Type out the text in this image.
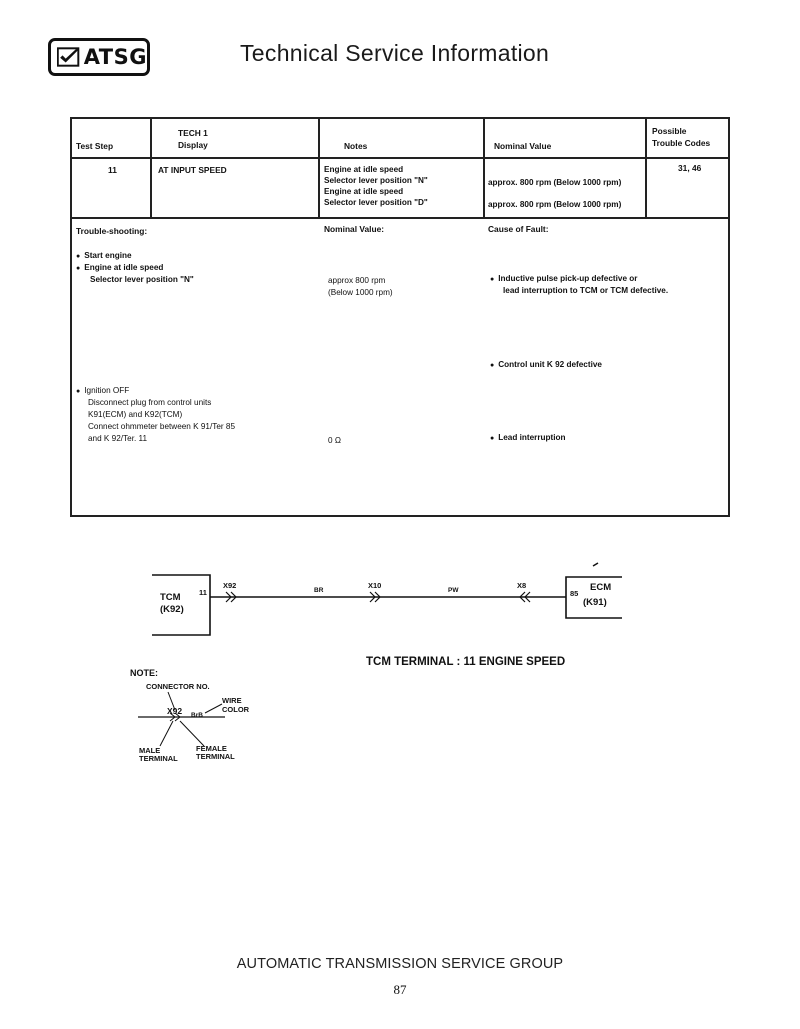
ATSG	Technical Service Information
Test Step
TECH 1
Display	Notes	Nominal Value
Possible
Trouble Codes
11	AT INPUT SPEED	Engine at idle speed
Selector lever position "N"
Engine at idle speed
Selector lever position "D"
approx. 800 rpm (Below 1000 rpm)
approx. 800 rpm (Below 1000 rpm)
31, 46
Trouble-shooting:	Nominal Value:	Cause of Fault:
● Start engine
● Engine at idle speed
Selector lever position "N"	approx 800 rpm
(Below 1000 rpm)
● Inductive pulse pick-up defective or
lead interruption to TCM or TCM defective.
● Control unit K 92 defective
● Ignition OFF
Disconnect plug from control units
K91(ECM) and K92(TCM)
Connect ohmmeter between K 91/Ter 85
and K 92/Ter. 11	0 Ω
●	Lead interruption
TCM
(K92)
11	ECM
(K91)
85
X92	X10	X8
BR	PW
TCM TERMINAL : 11 ENGINE SPEED
NOTE:
CONNECTOR NO.
WIRE
COLOR
X92 BrB
MALE
TERMINAL
FEMALE
TERMINAL
AUTOMATIC TRANSMISSION SERVICE GROUP
87
